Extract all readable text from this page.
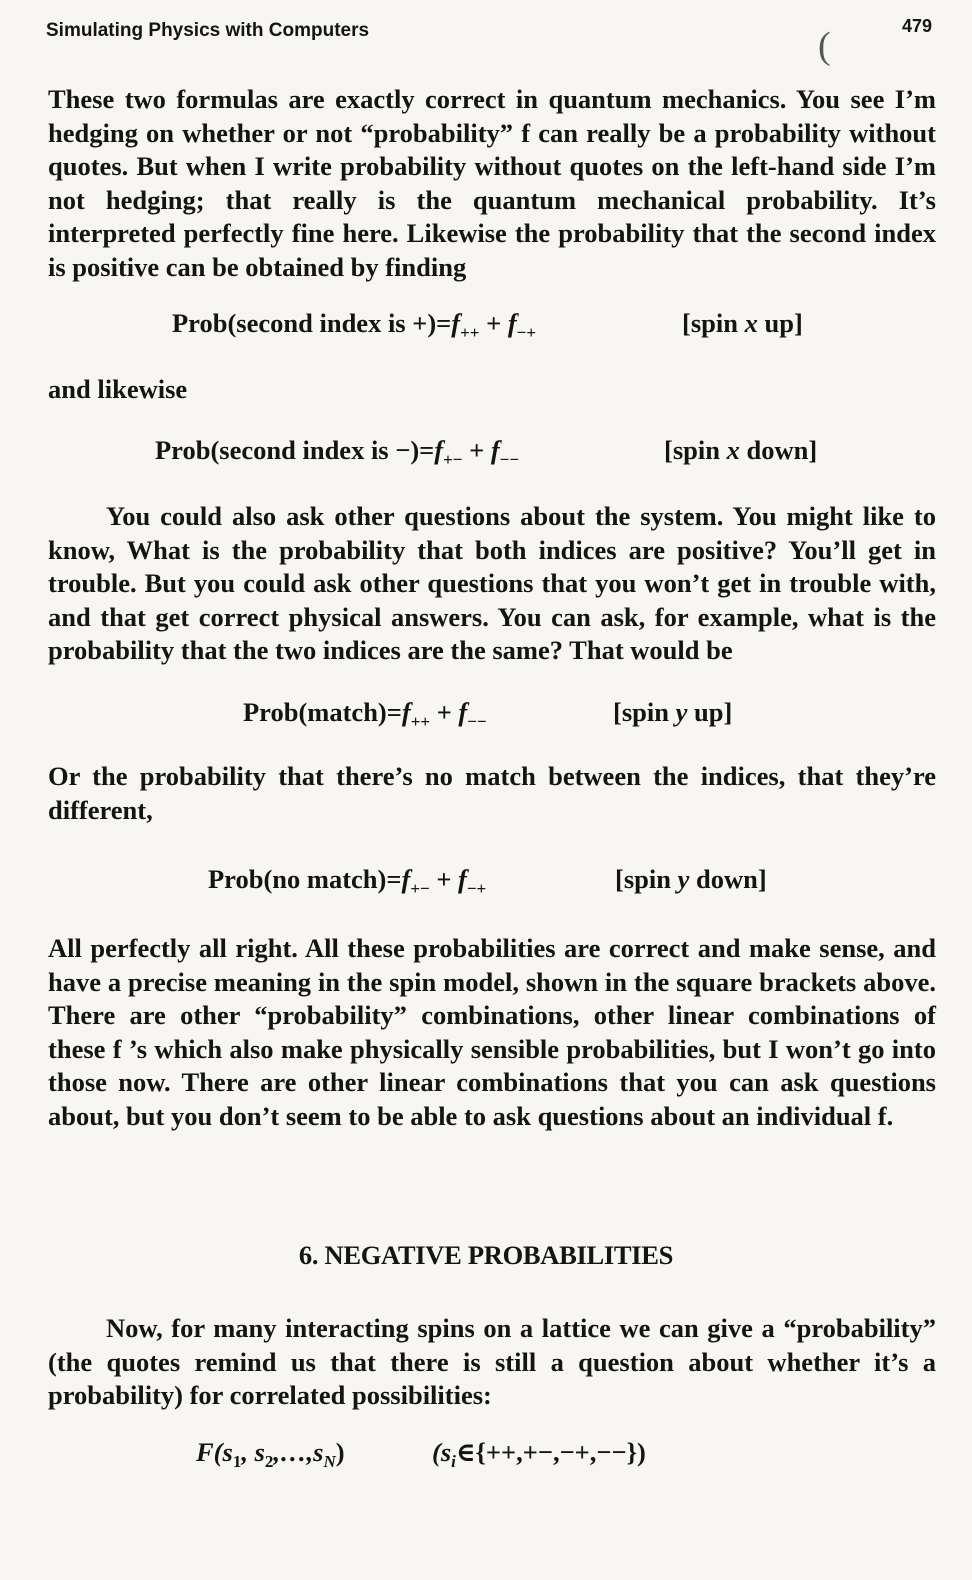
Simulating Physics with Computers	479
(

These two formulas are exactly correct in quantum mechanics. You see I’m hedging on whether or not “probability” f can really be a probability without quotes. But when I write probability without quotes on the left-hand side I’m not hedging; that really is the quantum mechanical probability. It’s interpreted perfectly fine here. Likewise the probability that the second index is positive can be obtained by finding

Prob(second index is $+)=f_{++} + f_{-+}$	[spin x up]
and likewise
Prob(second index is $-)=f_{+-} + f_{--}$	[spin x down]

You could also ask other questions about the system. You might like to know, What is the probability that both indices are positive? You’ll get in trouble. But you could ask other questions that you won’t get in trouble with, and that get correct physical answers. You can ask, for example, what is the probability that the two indices are the same? That would be

$Prob(match)=f_{++} + f_{--}$	[spin y up]

Or the probability that there’s no match between the indices, that they’re different,

Prob(no $match)=f_{+-} + f_{-+}$	[spin y down]

All perfectly all right. All these probabilities are correct and make sense, and have a precise meaning in the spin model, shown in the square brackets above. There are other “probability” combinations, other linear combinations of these f ’s which also make physically sensible probabilities, but I won’t go into those now. There are other linear combinations that you can ask questions about, but you don’t seem to be able to ask questions about an individual f.

6. NEGATIVE PROBABILITIES

Now, for many interacting spins on a lattice we can give a “probability” (the quotes remind us that there is still a question about whether it’s a probability) for correlated possibilities:

$F(s_1$, $s_2,\dots,s_N$)	$(s_i\in\{++,+-,-+,--\})$
